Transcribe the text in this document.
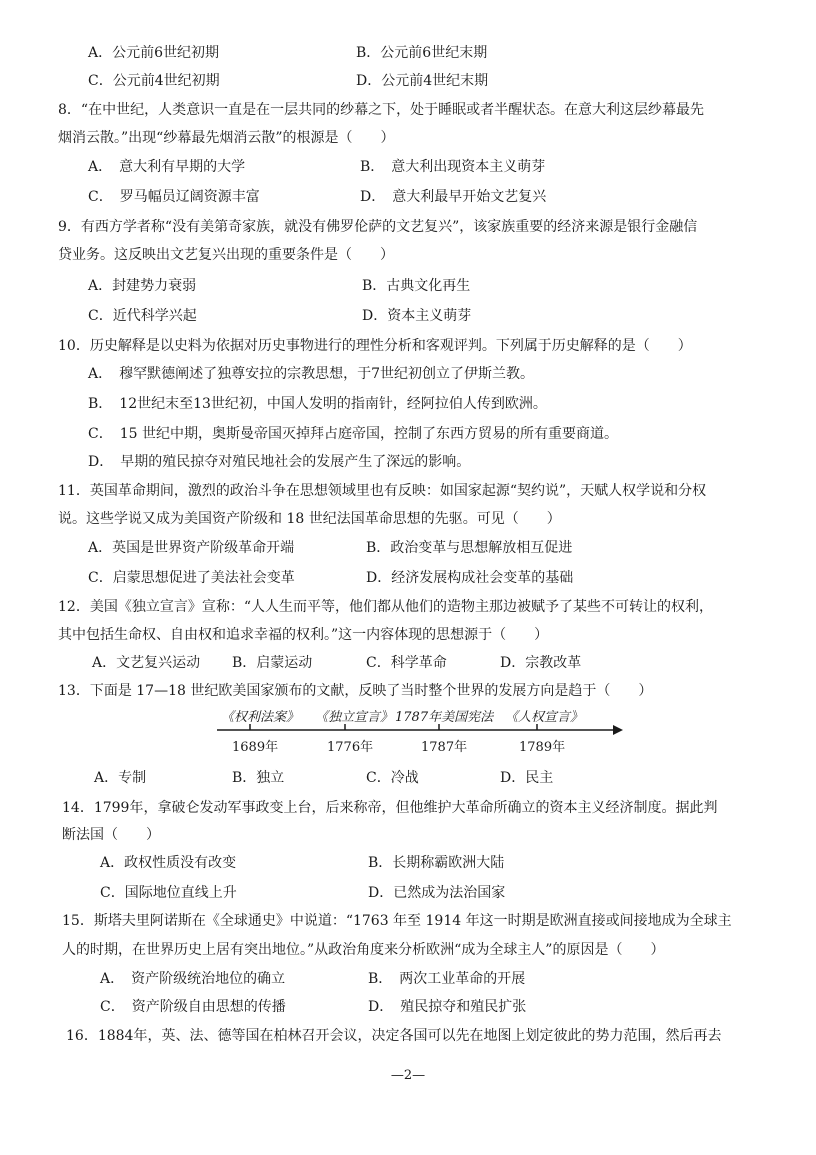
A．公元前6世纪初期	B．公元前6世纪末期
C．公元前4世纪初期	D．公元前4世纪末期
8．“在中世纪，人类意识一直是在一层共同的纱幕之下，处于睡眠或者半醒状态。在意大利这层纱幕最先
烟消云散。”出现“纱幕最先烟消云散”的根源是（　　）
A．　意大利有早期的大学	B．　意大利出现资本主义萌芽
C．　罗马幅员辽阔资源丰富	D．　意大利最早开始文艺复兴
9．有西方学者称“没有美第奇家族，就没有佛罗伦萨的文艺复兴”，该家族重要的经济来源是银行金融信
贷业务。这反映出文艺复兴出现的重要条件是（　　）
A．封建势力衰弱	B．古典文化再生
C．近代科学兴起	D．资本主义萌芽
10．历史解释是以史料为依据对历史事物进行的理性分析和客观评判。下列属于历史解释的是（　　）
A．　穆罕默德阐述了独尊安拉的宗教思想，于7世纪初创立了伊斯兰教。
B．　12世纪末至13世纪初，中国人发明的指南针，经阿拉伯人传到欧洲。
C．　15 世纪中期，奥斯曼帝国灭掉拜占庭帝国，控制了东西方贸易的所有重要商道。
D．　早期的殖民掠夺对殖民地社会的发展产生了深远的影响。
11．英国革命期间，激烈的政治斗争在思想领域里也有反映：如国家起源“契约说”，天赋人权学说和分权
说。这些学说又成为美国资产阶级和 18 世纪法国革命思想的先驱。可见（　　）
A．英国是世界资产阶级革命开端	B．政治变革与思想解放相互促进
C．启蒙思想促进了美法社会变革	D．经济发展构成社会变革的基础
12．美国《独立宣言》宣称：“人人生而平等，他们都从他们的造物主那边被赋予了某些不可转让的权利，
其中包括生命权、自由权和追求幸福的权利。”这一内容体现的思想源于（　　）
A．文艺复兴运动 B．启蒙运动	C．科学革命	D．宗教改革
13．下面是 17—18 世纪欧美国家颁布的文献，反映了当时整个世界的发展方向是趋于（　　）
《权利法案》 《独立宣言》 1787年美国宪法 《人权宣言》
1689年	1776年	1787年	1789年
A．专制	B．独立	C．冷战	D．民主
14．1799年，拿破仑发动军事政变上台，后来称帝，但他维护大革命所确立的资本主义经济制度。据此判
断法国（　　）
A．政权性质没有改变	B．长期称霸欧洲大陆
C．国际地位直线上升	D．已然成为法治国家
15．斯塔夫里阿诺斯在《全球通史》中说道：“1763 年至 1914 年这一时期是欧洲直接或间接地成为全球主
人的时期，在世界历史上居有突出地位。”从政治角度来分析欧洲“成为全球主人”的原因是（　　）
A．　资产阶级统治地位的确立	B．　两次工业革命的开展
C．　资产阶级自由思想的传播	D．　殖民掠夺和殖民扩张
16．1884年，英、法、德等国在柏林召开会议，决定各国可以先在地图上划定彼此的势力范围，然后再去
—2—
